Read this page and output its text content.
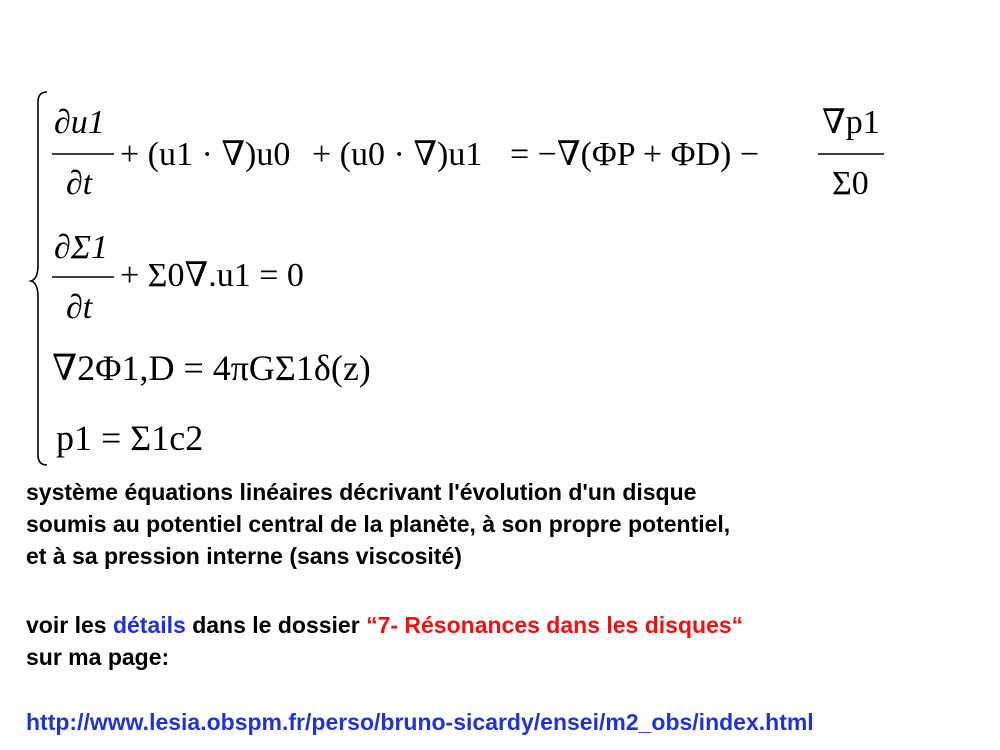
∂u1
∂t
+ (u1 · ∇)u0 + (u0 · ∇)u1 = −∇(ΦP + ΦD) −
∇p1
Σ0
∂Σ1
∂t
+ Σ0∇.u1 = 0
∇2Φ1,D = 4πGΣ1δ(z)
p1 = Σ1c2
système équations linéaires décrivant l'évolution d'un disque
soumis au potentiel central de la planète, à son propre potentiel,
et à sa pression interne (sans viscosité)
voir les détails dans le dossier “7- Résonances dans les disques“
sur ma page:
http://www.lesia.obspm.fr/perso/bruno-sicardy/ensei/m2_obs/index.html
